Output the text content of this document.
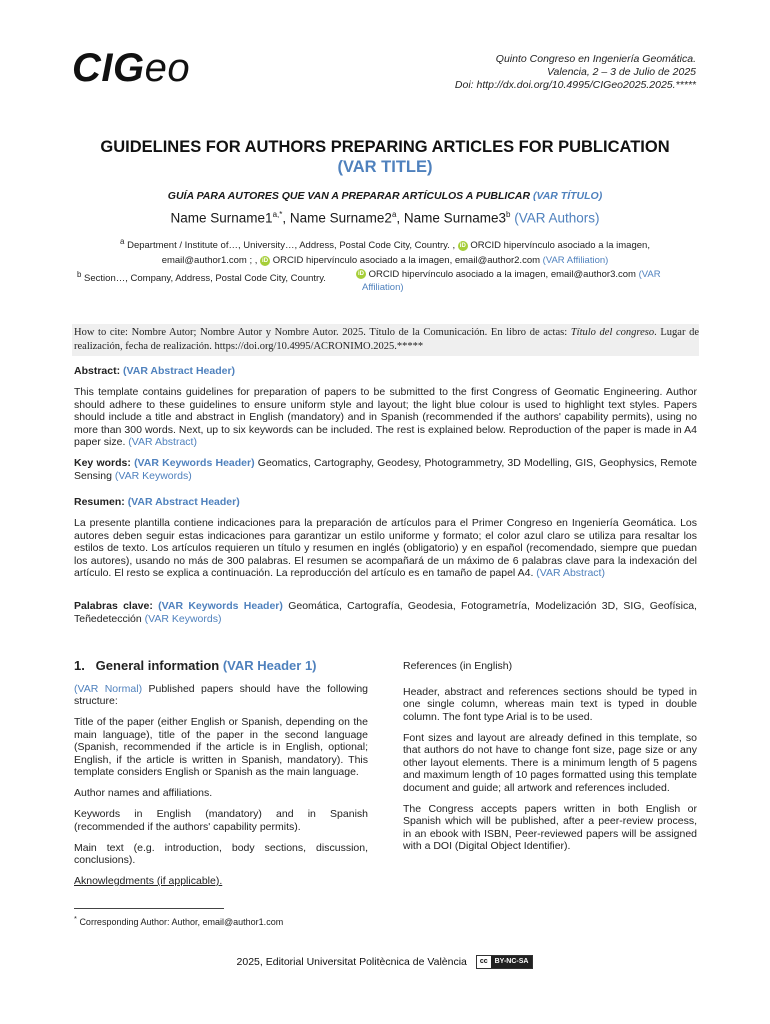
CIGeo	Quinto Congreso en Ingeniería Geomática.
Valencia, 2 – 3 de Julio de 2025
Doi: http://dx.doi.org/10.4995/CIGeo2025.2025.*****
GUIDELINES FOR AUTHORS PREPARING ARTICLES FOR PUBLICATION (VAR TITLE)
GUÍA PARA AUTORES QUE VAN A PREPARAR ARTÍCULOS A PUBLICAR (VAR TÍTULO)
Name $Surname1^{a,*}$, Name Surname2$^a$, Name Surname3$^b$ (VAR Authors)
$^a$ Department / Institute of…, University…, Address, Postal Code City, Country. , iD ORCID hipervínculo asociado a la imagen,
email@author1.com ; , iD ORCID hipervínculo asociado a la imagen, email@author2.com (VAR Affiliation)
$^b$ Section…, Company, Address, Postal Code City, Country.	iD ORCID hipervínculo asociado a la imagen, email@author3.com (VAR
Affiliation)
How to cite: Nombre Autor; Nombre Autor y Nombre Autor. 2025. Título de la Comunicación. En libro de actas: Título del congreso. Lugar de realización, fecha de realización. https://doi.org/10.4995/ACRONIMO.2025.*****
Abstract: (VAR Abstract Header)
This template contains guidelines for preparation of papers to be submitted to the first Congress of Geomatic Engineering. Author should adhere to these guidelines to ensure uniform style and layout; the light blue colour is used to highlight text styles. Papers should include a title and abstract in English (mandatory) and in Spanish (recommended if the authors' capability permits), using no more than 300 words. Next, up to six keywords can be included. The rest is explained below. Reproduction of the paper is made in A4 paper size. (VAR Abstract)
Key words: (VAR Keywords Header) Geomatics, Cartography, Geodesy, Photogrammetry, 3D Modelling, GIS, Geophysics, Remote Sensing (VAR Keywords)
Resumen: (VAR Abstract Header)
La presente plantilla contiene indicaciones para la preparación de artículos para el Primer Congreso en Ingeniería Geomática. Los autores deben seguir estas indicaciones para garantizar un estilo uniforme y formato; el color azul claro se utiliza para resaltar los estilos de texto. Los artículos requieren un título y resumen en inglés (obligatorio) y en español (recomendado, siempre que puedan los autores), usando no más de 300 palabras. El resumen se acompañará de un máximo de 6 palabras clave para la indexación del artículo. El resto se explica a continuación. La reproducción del artículo es en tamaño de papel A4. (VAR Abstract)
Palabras clave: (VAR Keywords Header) Geomática, Cartografía, Geodesia, Fotogrametría, Modelización 3D, SIG, Geofísica, Teñedetección (VAR Keywords)

1.   General information (VAR Header 1)

(VAR Normal) Published papers should have the following structure:

Title of the paper (either English or Spanish, depending on the main language), title of the paper in the second language (Spanish, recommended if the article is in English, optional; English, if the article is written in Spanish, mandatory). This template considers English or Spanish as the main language.

Author names and affiliations.

Keywords in English (mandatory) and in Spanish (recommended if the authors' capability permits).

Main text (e.g. introduction, body sections, discussion, conclusions).

Aknowlegdments (if applicable).

References (in English)

Header, abstract and references sections should be typed in one single column, whereas main text is typed in double column. The font type Arial is to be used.

Font sizes and layout are already defined in this template, so that authors do not have to change font size, page size or any other layout elements. There is a minimum length of 5 pagens and maximum length of 10 pages formatted using this template document and guide; all artwork and references included.

The Congress accepts papers written in both English or Spanish which will be published, after a peer-review process, in an ebook with ISBN, Peer-reviewed papers will be assigned with a DOI (Digital Object Identifier).

* Corresponding Author: Author, email@author1.com
2025, Editorial Universitat Politècnica de València cc BY-NC-SA
